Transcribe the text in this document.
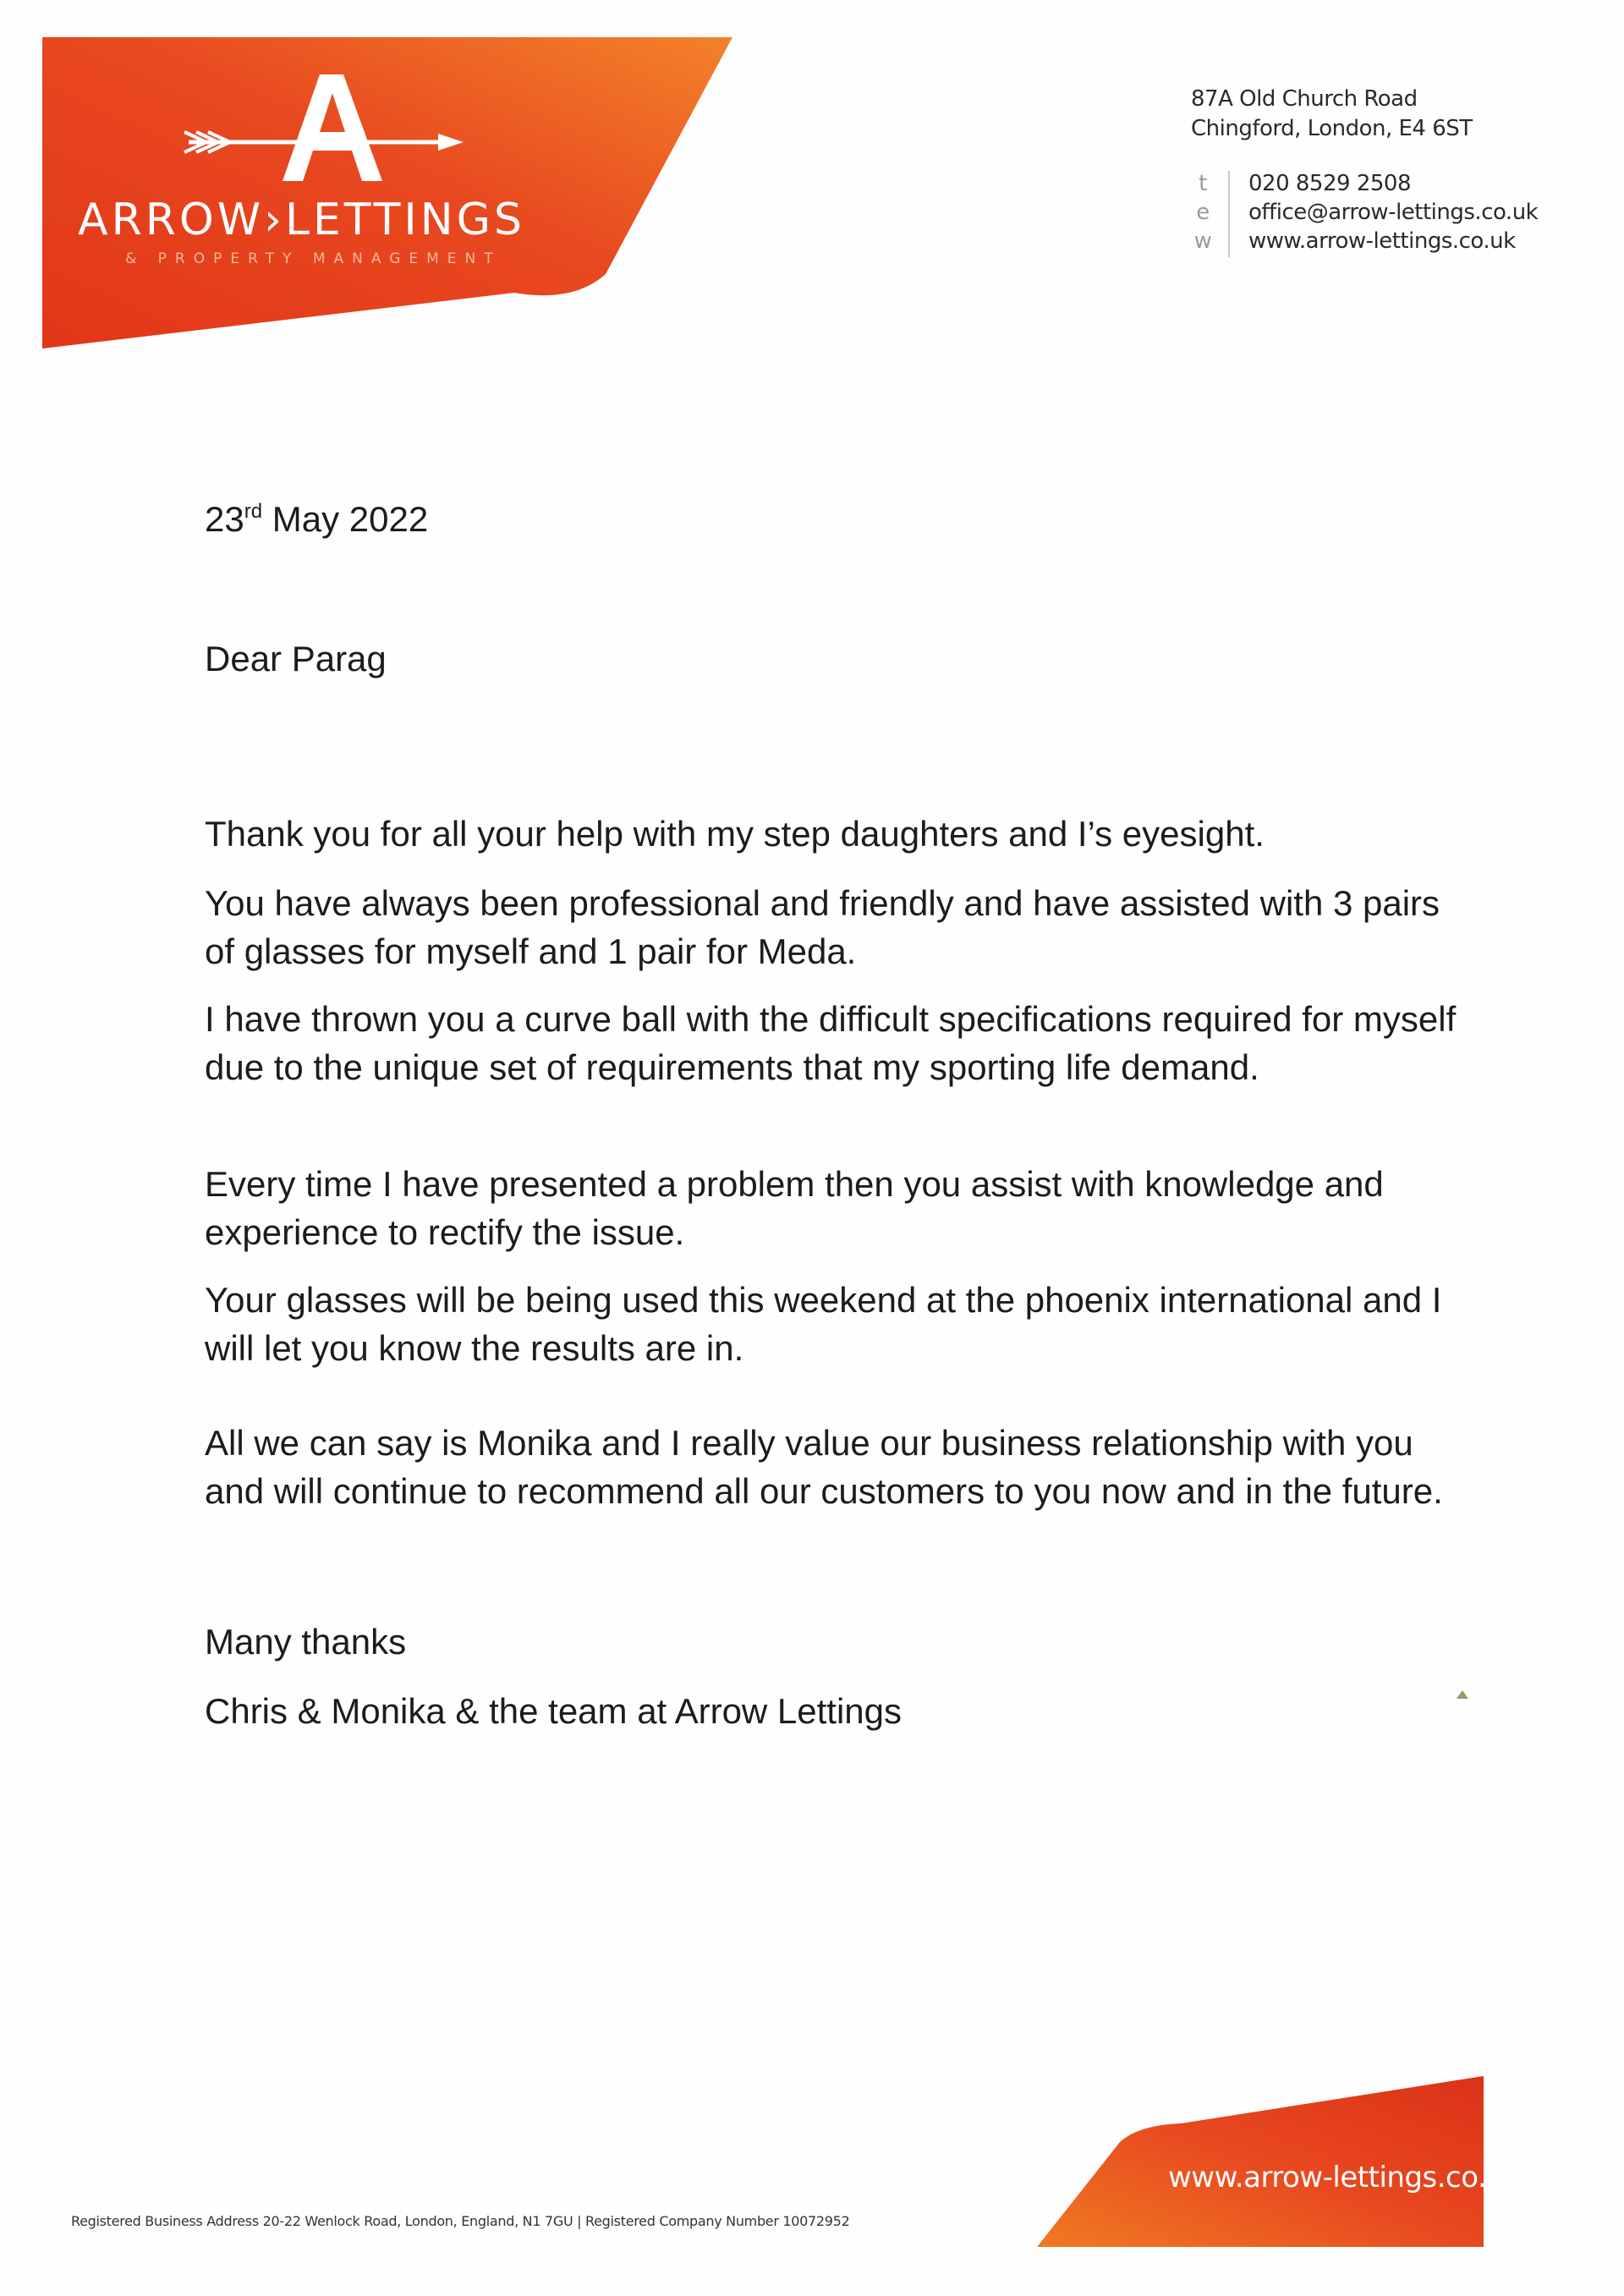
ARROW›LETTINGS
& PROPERTY MANAGEMENT
87A Old Church Road
Chingford, London, E4 6ST
t	020 8529 2508
e office@arrow-lettings.co.uk
w www.arrow-lettings.co.uk
23rd May 2022
Dear Parag

Thank you for all your help with my step daughters and I’s eyesight.

You have always been professional and friendly and have assisted with 3 pairs of glasses for myself and 1 pair for Meda.

I have thrown you a curve ball with the difficult specifications required for myself due to the unique set of requirements that my sporting life demand.

Every time I have presented a problem then you assist with knowledge and experience to rectify the issue.

Your glasses will be being used this weekend at the phoenix international and I will let you know the results are in.

All we can say is Monika and I really value our business relationship with you and will continue to recommend all our customers to you now and in the future.

Many thanks
Chris & Monika & the team at Arrow Lettings
Registered Business Address 20-22 Wenlock Road, London, England, N1 7GU | Registered Company Number 10072952
www.arrow-lettings.co.uk
